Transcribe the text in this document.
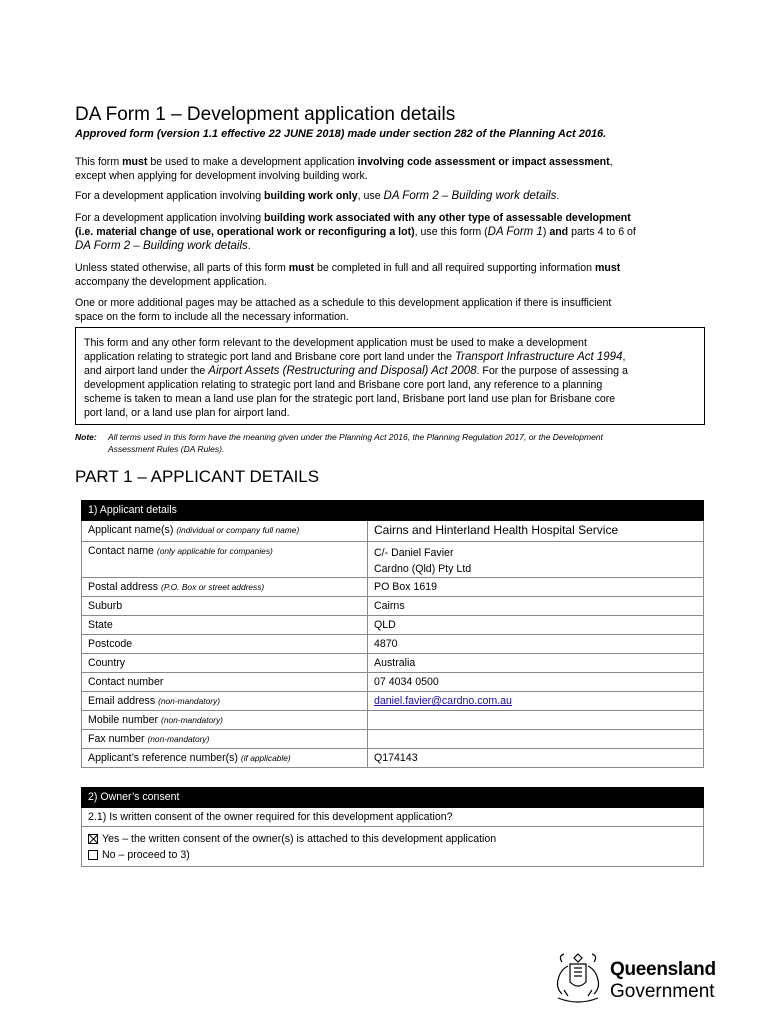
DA Form 1 – Development application details
Approved form (version 1.1 effective 22 JUNE 2018) made under section 282 of the Planning Act 2016.
This form must be used to make a development application involving code assessment or impact assessment,
except when applying for development involving building work.
For a development application involving building work only, use DA Form 2 – Building work details.
For a development application involving building work associated with any other type of assessable development
(i.e. material change of use, operational work or reconfiguring a lot), use this form (DA Form 1) and parts 4 to 6 of
DA Form 2 – Building work details.
Unless stated otherwise, all parts of this form must be completed in full and all required supporting information must
accompany the development application.
One or more additional pages may be attached as a schedule to this development application if there is insufficient
space on the form to include all the necessary information.
This form and any other form relevant to the development application must be used to make a development
application relating to strategic port land and Brisbane core port land under the Transport Infrastructure Act 1994,
and airport land under the Airport Assets (Restructuring and Disposal) Act 2008. For the purpose of assessing a
development application relating to strategic port land and Brisbane core port land, any reference to a planning
scheme is taken to mean a land use plan for the strategic port land, Brisbane port land use plan for Brisbane core
port land, or a land use plan for airport land.
Note: All terms used in this form have the meaning given under the Planning Act 2016, the Planning Regulation 2017, or the Development
Assessment Rules (DA Rules).
PART 1 – APPLICANT DETAILS
1) Applicant details	
Applicant name(s) (individual or company full name)	Cairns and Hinterland Health Hospital Service
Contact name (only applicable for companies)	C/- Daniel Favier
Cardno (Qld) Pty Ltd
Postal address (P.O. Box or street address)	PO Box 1619
Suburb	Cairns
State	QLD
Postcode	4870
Country	Australia
Contact number	07 4034 0500
Email address (non-mandatory)	daniel.favier@cardno.com.au
Mobile number (non-mandatory)	
Fax number (non-mandatory)	
Applicant’s reference number(s) (if applicable)	Q174143
2) Owner’s consent
2.1) Is written consent of the owner required for this development application?

Yes – the written consent of the owner(s) is attached to this development application
No – proceed to 3)
Queensland
Government
